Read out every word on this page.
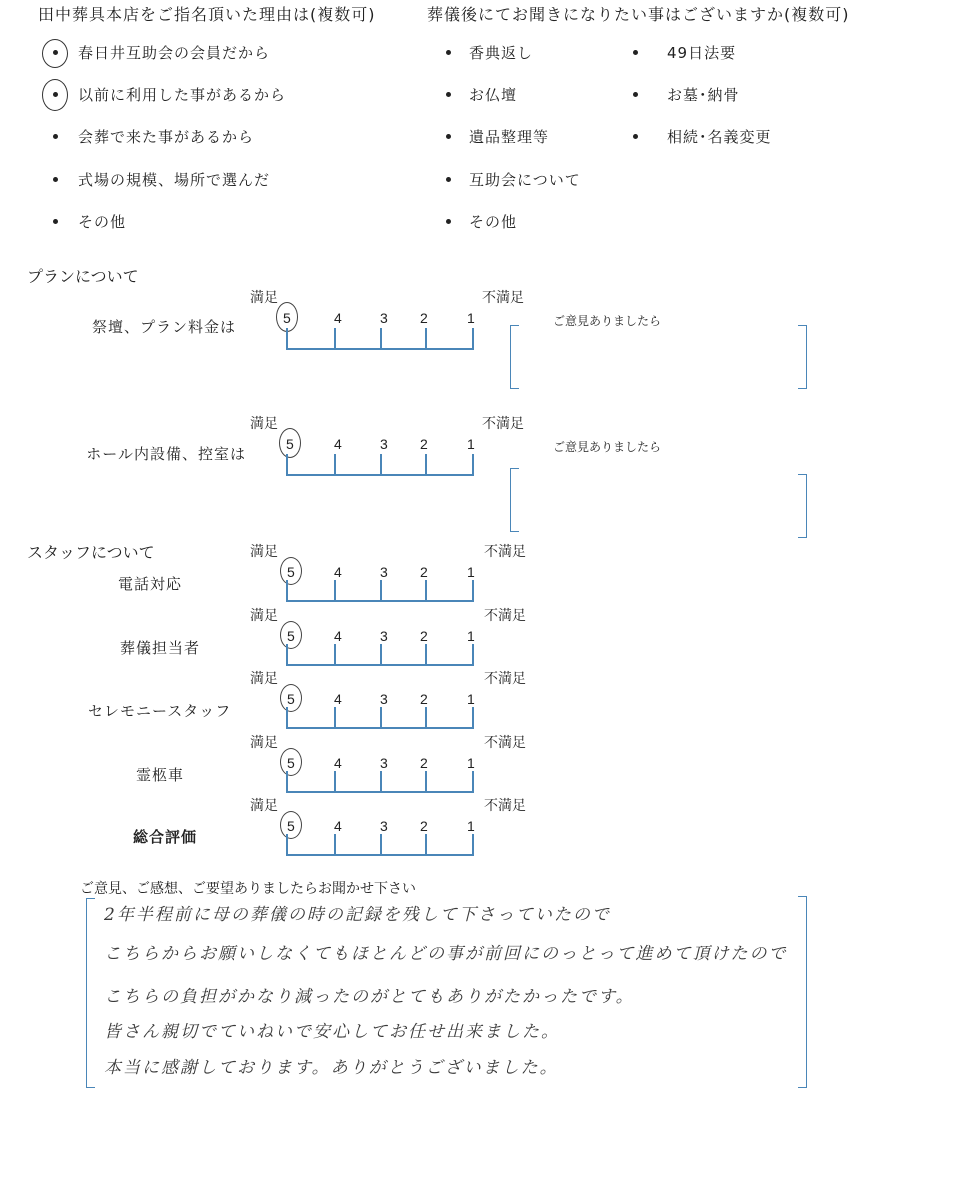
田中葬具本店をご指名頂いた理由は(複数可)
春日井互助会の会員だから
以前に利用した事があるから
会葬で来た事があるから
式場の規模、場所で選んだ
その他
葬儀後にてお聞きになりたい事はございますか(複数可)
香典返し
お仏壇
遺品整理等
互助会について
その他
49日法要
お墓･納骨
相続･名義変更
プランについて
祭壇、プラン料金は
満足	不満足
5	4	3 2	1	ご意見ありましたら
ホール内設備、控室は
満足	不満足
5	4	3 2	1	ご意見ありましたら
スタッフについて
電話対応
満足	不満足
5	4	3 2	1
葬儀担当者
満足	不満足
5	4	3 2	1
セレモニースタッフ
満足	不満足
5	4	3 2	1
霊柩車
満足	不満足
5	4	3 2	1
総合評価
満足	不満足
5	4	3 2	1
ご意見、ご感想、ご要望ありましたらお聞かせ下さい
2年半程前に母の葬儀の時の記録を残して下さっていたので
こちらからお願いしなくてもほとんどの事が前回にのっとって進めて頂けたので
こちらの負担がかなり減ったのがとてもありがたかったです。
皆さん親切でていねいで安心してお任せ出来ました。
本当に感謝しております。ありがとうございました。
